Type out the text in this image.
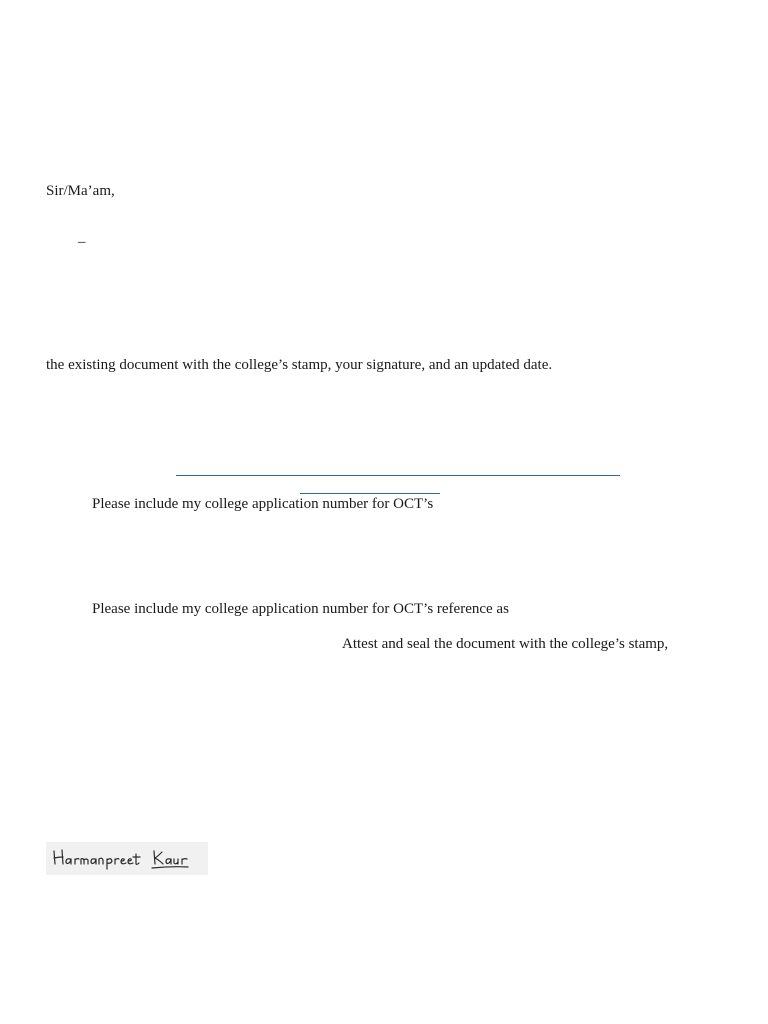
Sir/Ma’am,
–
the existing document with the college’s stamp, your signature, and an updated date.
Please include my college application number for OCT’s
Please include my college application number for OCT’s reference as
Attest and seal the document with the college’s stamp,
